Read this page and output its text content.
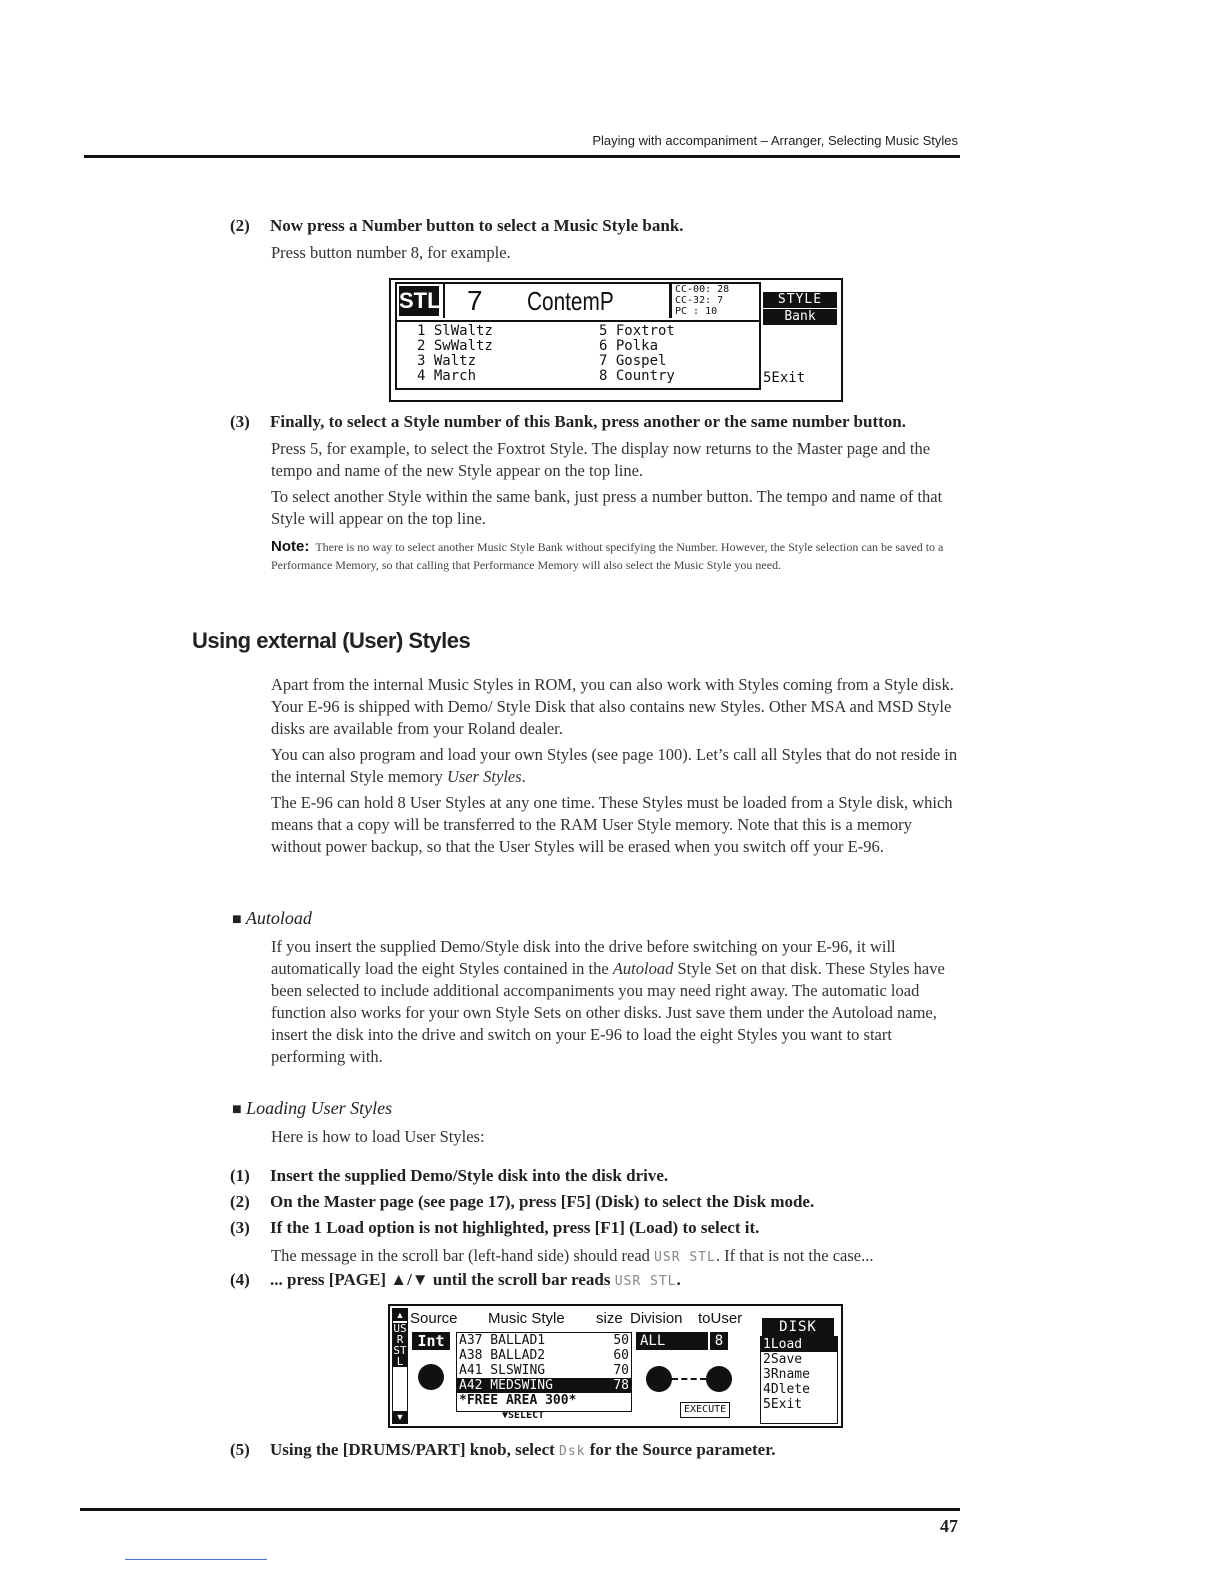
Playing with accompaniment – Arranger, Selecting Music Styles
(2) Now press a Number button to select a Music Style bank.
Press button number 8, for example.
STL 7 ContemP	CC-00: 28
CC-32: 7
PC : 10
STYLE
Bank
1 SlWaltz
2 SwWaltz
3 Waltz
4 March
5 Foxtrot
6 Polka
7 Gospel
8 Country	5Exit
(3) Finally, to select a Style number of this Bank, press another or the same number button.
Press 5, for example, to select the Foxtrot Style. The display now returns to the Master page and the tempo and name of the new Style appear on the top line.
To select another Style within the same bank, just press a number button. The tempo and name of that Style will appear on the top line.
Note: There is no way to select another Music Style Bank without specifying the Number. However, the Style selection can be saved to a Performance Memory, so that calling that Performance Memory will also select the Music Style you need.
Using external (User) Styles
Apart from the internal Music Styles in ROM, you can also work with Styles coming from a Style disk. Your E-96 is shipped with Demo/ Style Disk that also contains new Styles. Other MSA and MSD Style disks are available from your Roland dealer.
You can also program and load your own Styles (see page 100). Let’s call all Styles that do not reside in the internal Style memory User Styles.
The E-96 can hold 8 User Styles at any one time. These Styles must be loaded from a Style disk, which means that a copy will be transferred to the RAM User Style memory. Note that this is a memory without power backup, so that the User Styles will be erased when you switch off your E-96.
■ Autoload
If you insert the supplied Demo/Style disk into the drive before switching on your E-96, it will automatically load the eight Styles contained in the Autoload Style Set on that disk. These Styles have been selected to include additional accompaniments you may need right away. The automatic load function also works for your own Style Sets on other disks. Just save them under the Autoload name, insert the disk into the drive and switch on your E-96 to load the eight Styles you want to start performing with.
■ Loading User Styles
Here is how to load User Styles:
(1) Insert the supplied Demo/Style disk into the disk drive.
(2) On the Master page (see page 17), press [F5] (Disk) to select the Disk mode.
(3) If the 1 Load option is not highlighted, press [F1] (Load) to select it.
The message in the scroll bar (left-hand side) should read USR STL. If that is not the case...
(4) ... press [PAGE] ▲/▼ until the scroll bar reads USR STL.
▲
USR STL
▼
Source Music Style size Division toUser	DISK
1Load
2Save
3Rname
4Dlete
5Exit
Int	A37 BALLAD1	50
A38 BALLAD2	60
A41 SLSWING	70
A42 MEDSWING	78
*FREE AREA 300*
▼SELECT
ALL	8
EXECUTE
(5) Using the [DRUMS/PART] knob, select Dsk for the Source parameter.
47
